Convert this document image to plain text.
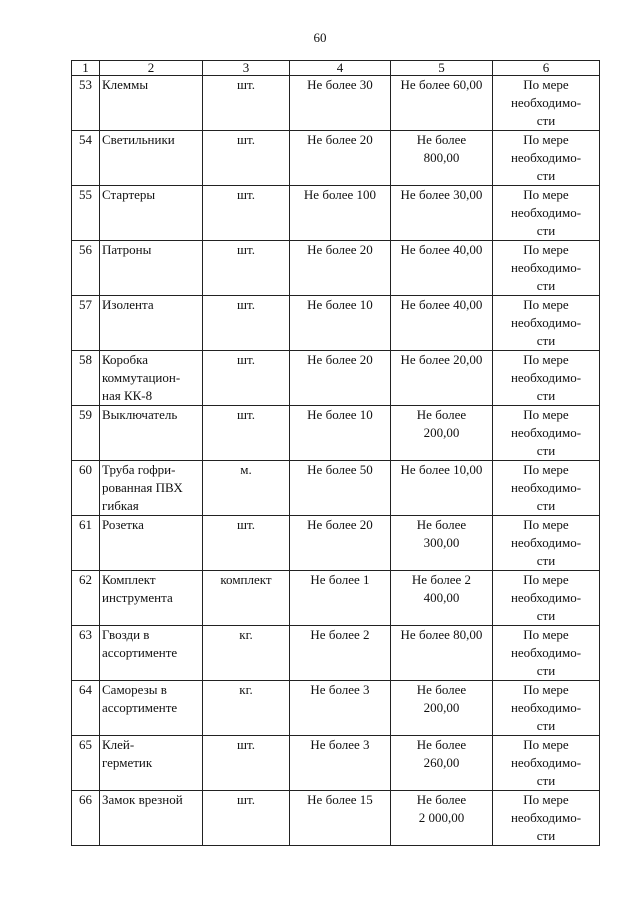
60
1	2	3	4	5	6
53	Клеммы	шт.	Не более 30	Не более 60,00	По мере
необходимо-
сти
54	Светильники	шт.	Не более 20	Не более
800,00	По мере
необходимо-
сти
55	Стартеры	шт.	Не более 100	Не более 30,00	По мере
необходимо-
сти
56	Патроны	шт.	Не более 20	Не более 40,00	По мере
необходимо-
сти
57	Изолента	шт.	Не более 10	Не более 40,00	По мере
необходимо-
сти
58	Коробка
коммутацион-
ная КК-8	шт.	Не более 20	Не более 20,00	По мере
необходимо-
сти
59	Выключатель	шт.	Не более 10	Не более
200,00	По мере
необходимо-
сти
60	Труба гофри-
рованная ПВХ
гибкая	м.	Не более 50	Не более 10,00	По мере
необходимо-
сти
61	Розетка	шт.	Не более 20	Не более
300,00	По мере
необходимо-
сти
62	Комплект
инструмента	комплект	Не более 1	Не более 2
400,00	По мере
необходимо-
сти
63	Гвозди в
ассортименте	кг.	Не более 2	Не более 80,00	По мере
необходимо-
сти
64	Саморезы в
ассортименте	кг.	Не более 3	Не более
200,00	По мере
необходимо-
сти
65	Клей-
герметик	шт.	Не более 3	Не более
260,00	По мере
необходимо-
сти
66	Замок врезной	шт.	Не более 15	Не более
2 000,00	По мере
необходимо-
сти
